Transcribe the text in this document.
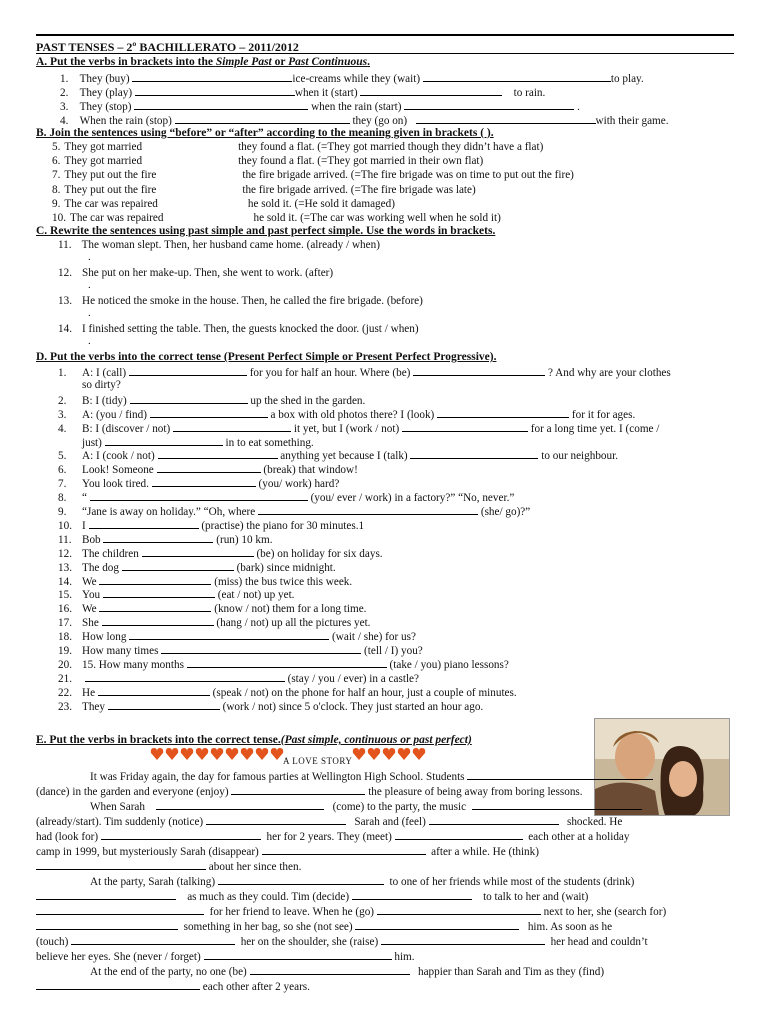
PAST TENSES – 2º BACHILLERATO – 2011/2012
A. Put the verbs in brackets into the Simple Past or Past Continuous.
1. They (buy)	ice-creams while they (wait)	to play.
2. They (play)	when it (start)	to rain.
3. They (stop)	when the rain (start)	.
4. When the rain (stop)	they (go on)	with their game.
B. Join the sentences using “before” or “after” according to the meaning given in brackets ( ).
5. They got married	they found a flat. (=They got married though they didn’t have a flat)
6. They got married	they found a flat. (=They got married in their own flat)
7. They put out the fire	the fire brigade arrived. (=The fire brigade was on time to put out the fire)
8. They put out the fire	the fire brigade arrived. (=The fire brigade was late)
9. The car was repaired	he sold it. (=He sold it damaged)
10. The car was repaired	he sold it. (=The car was working well when he sold it)
C. Rewrite the sentences using past simple and past perfect simple. Use the words in brackets.
11. The woman slept. Then, her husband came home. (already / when)
.
12. She put on her make-up. Then, she went to work. (after)
.
13. He noticed the smoke in the house. Then, he called the fire brigade. (before)
.
14. I finished setting the table. Then, the guests knocked the door. (just / when)
.
D. Put the verbs into the correct tense (Present Perfect Simple or Present Perfect Progressive).
1. A: I (call)	for you for half an hour. Where (be)	? And why are your clothes
so dirty?
2. B: I (tidy)	up the shed in the garden.
3. A: (you / find)	a box with old photos there? I (look)	for it for ages.
4. B: I (discover / not)	it yet, but I (work / not)	for a long time yet. I (come /
just)	in to eat something.
5. A: I (cook / not)	anything yet because I (talk)	to our neighbour.
6. Look! Someone	(break) that window!
7. You look tired.	(you/ work) hard?
8. “	(you/ ever / work) in a factory?” “No, never.”
9. “Jane is away on holiday.” “Oh, where	(she/ go)?”
10. I	(practise) the piano for 30 minutes.1
11. Bob	(run) 10 km.
12. The children	(be) on holiday for six days.
13. The dog	(bark) since midnight.
14. We	(miss) the bus twice this week.
15. You	(eat / not) up yet.
16. We	(know / not) them for a long time.
17. She	(hang / not) up all the pictures yet.
18. How long	(wait / she) for us?
19. How many times	(tell / I) you?
20. 15. How many months	(take / you) piano lessons?
21.	(stay / you / ever) in a castle?
22. He	(speak / not) on the phone for half an hour, just a couple of minutes.
23. They	(work / not) since 5 o'clock. They just started an hour ago.
E. Put the verbs in brackets into the correct tense.(Past simple, continuous or past perfect)
A LOVE STORY
It was Friday again, the day for famous parties at Wellington High School. Students
(dance) in the garden and everyone (enjoy)	the pleasure of being away from boring lessons.
When Sarah	(come) to the party, the music
(already/start). Tim suddenly (notice)	Sarah and (feel)	shocked. He
had (look for)	her for 2 years. They (meet)	each other at a holiday
camp in 1999, but mysteriously Sarah (disappear)	after a while. He (think)
about her since then.
At the party, Sarah (talking)	to one of her friends while most of the students (drink)
as much as they could. Tim (decide)	to talk to her and (wait)
for her friend to leave. When he (go)	next to her, she (search for)
something in her bag, so she (not see)	him. As soon as he
(touch)	her on the shoulder, she (raise)	her head and couldn’t
believe her eyes. She (never / forget)	him.
At the end of the party, no one (be)	happier than Sarah and Tim as they (find)
each other after 2 years.
